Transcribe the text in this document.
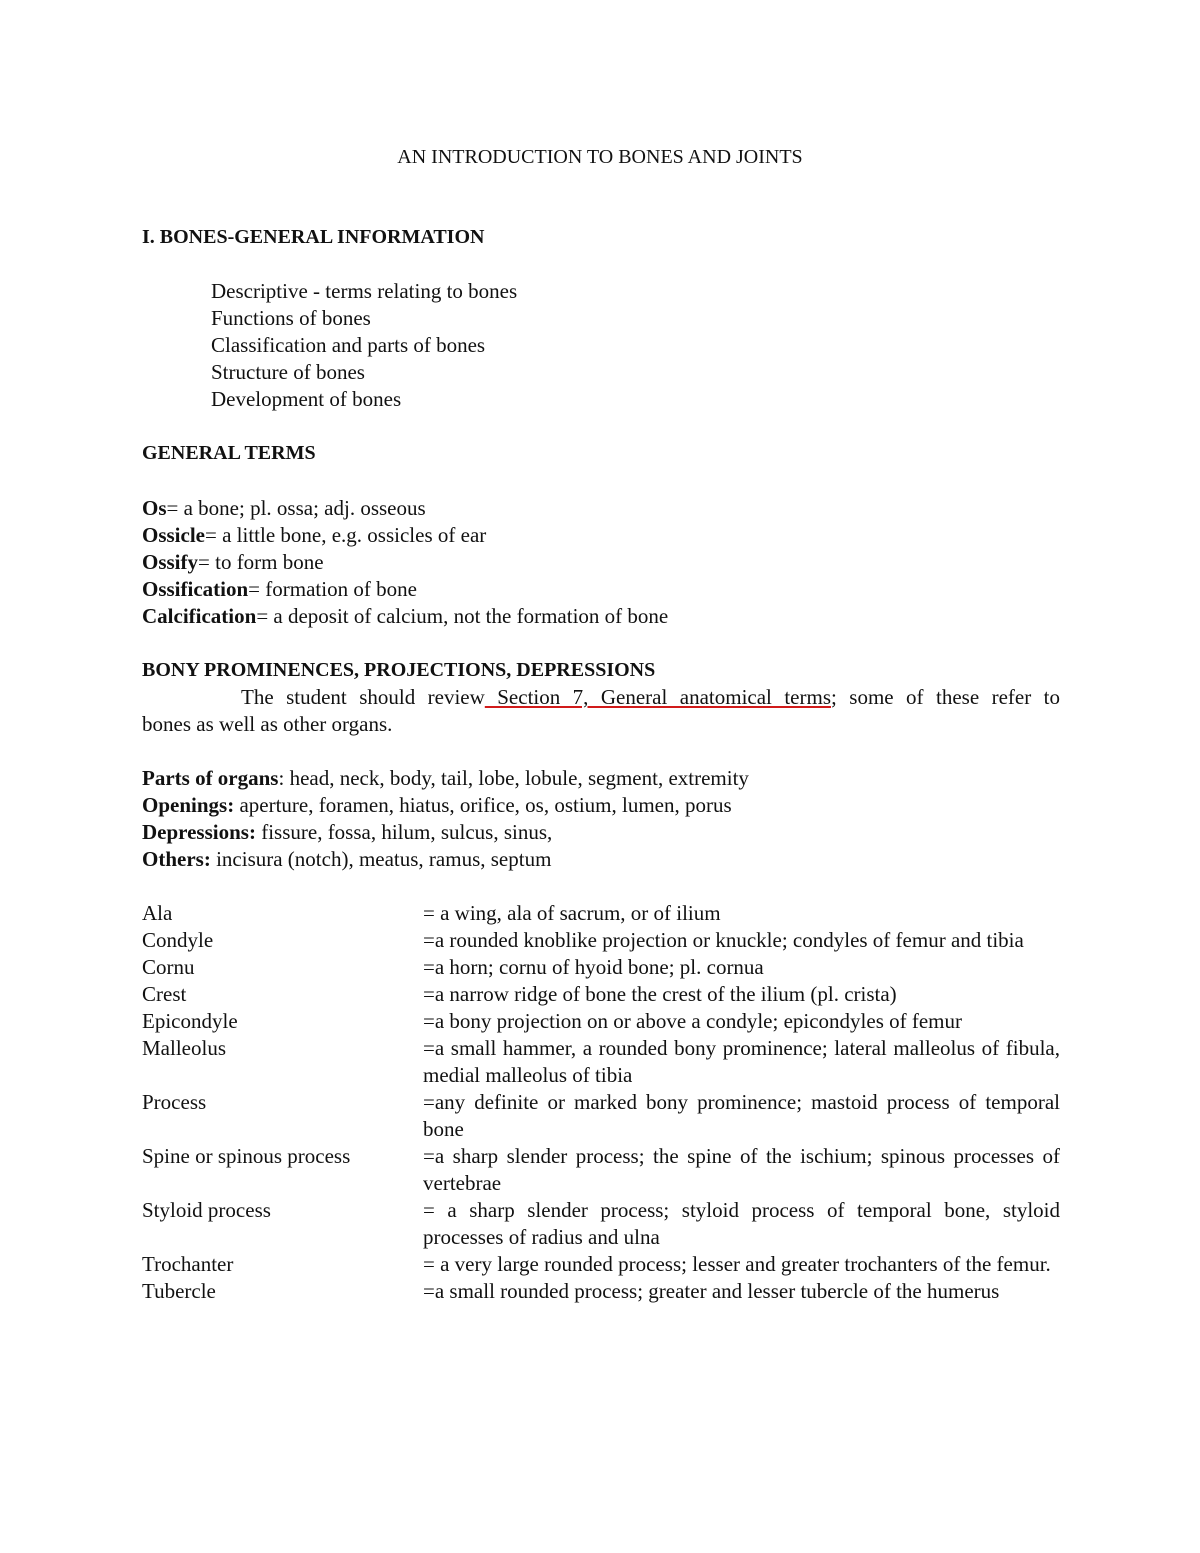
AN INTRODUCTION TO BONES AND JOINTS
I. BONES-GENERAL INFORMATION
Descriptive - terms relating to bones
Functions of bones
Classification and parts of bones
Structure of bones
Development of bones
GENERAL TERMS
Os= a bone; pl. ossa; adj. osseous
Ossicle= a little bone, e.g. ossicles of ear
Ossify= to form bone
Ossification= formation of bone
Calcification= a deposit of calcium, not the formation of bone
BONY PROMINENCES, PROJECTIONS, DEPRESSIONS
The student should review Section 7, General anatomical terms; some of these refer to
bones as well as other organs.
Parts of organs: head, neck, body, tail, lobe, lobule, segment, extremity
Openings: aperture, foramen, hiatus, orifice, os, ostium, lumen, porus
Depressions: fissure, fossa, hilum, sulcus, sinus,
Others: incisura (notch), meatus, ramus, septum
Ala	= a wing, ala of sacrum, or of ilium
Condyle	=a rounded knoblike projection or knuckle; condyles of femur and tibia
Cornu	=a horn; cornu of hyoid bone; pl. cornua
Crest	=a narrow ridge of bone the crest of the ilium (pl. crista)
Epicondyle	=a bony projection on or above a condyle; epicondyles of femur
Malleolus	=a small hammer, a rounded bony prominence; lateral malleolus of fibula, medial malleolus of tibia
Process	=any definite or marked bony prominence; mastoid process of temporal bone
Spine or spinous process	=a sharp slender process; the spine of the ischium; spinous processes of vertebrae
Styloid process	= a sharp slender process; styloid process of temporal bone, styloid processes of radius and ulna
Trochanter	= a very large rounded process; lesser and greater trochanters of the femur.
Tubercle	=a small rounded process; greater and lesser tubercle of the humerus
